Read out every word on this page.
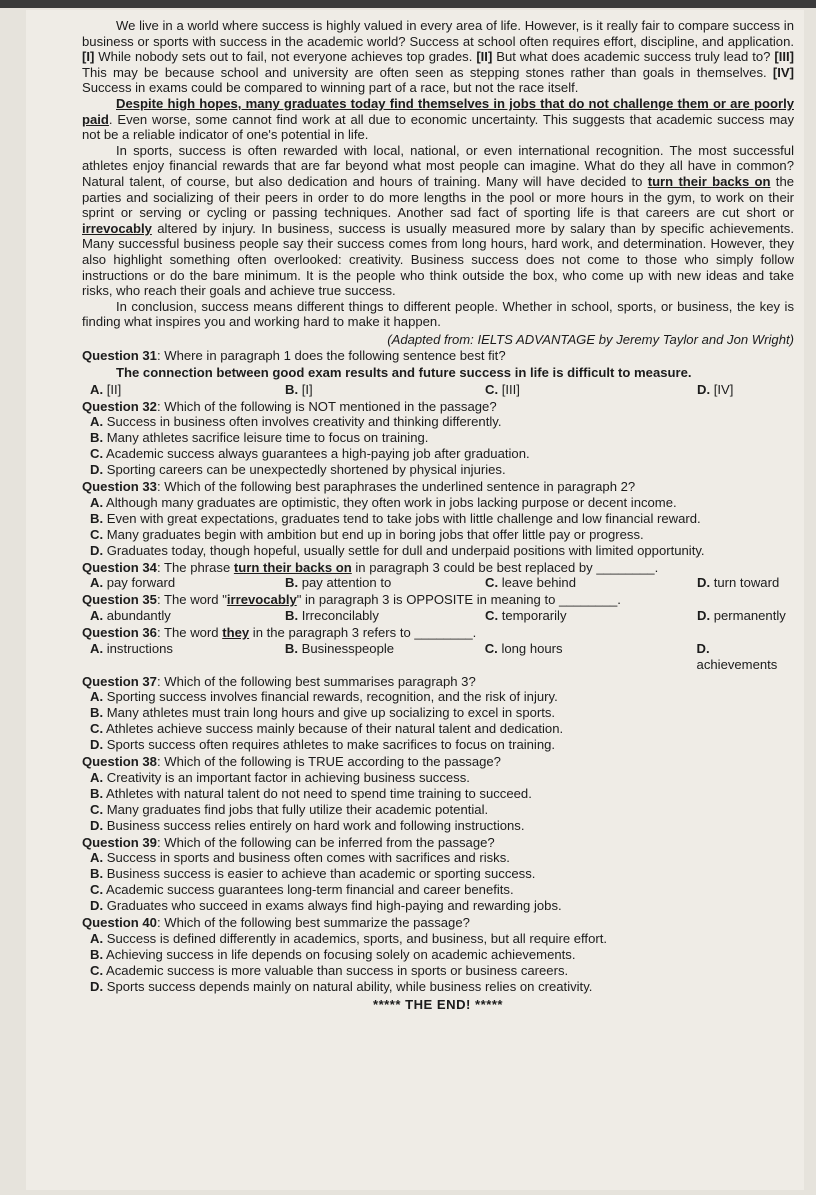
We live in a world where success is highly valued in every area of life. However, is it really fair to compare success in business or sports with success in the academic world? Success at school often requires effort, discipline, and application. [I] While nobody sets out to fail, not everyone achieves top grades. [II] But what does academic success truly lead to? [III] This may be because school and university are often seen as stepping stones rather than goals in themselves. [IV] Success in exams could be compared to winning part of a race, but not the race itself.

Despite high hopes, many graduates today find themselves in jobs that do not challenge them or are poorly paid. Even worse, some cannot find work at all due to economic uncertainty. This suggests that academic success may not be a reliable indicator of one's potential in life.

In sports, success is often rewarded with local, national, or even international recognition. The most successful athletes enjoy financial rewards that are far beyond what most people can imagine. What do they all have in common? Natural talent, of course, but also dedication and hours of training. Many will have decided to turn their backs on the parties and socializing of their peers in order to do more lengths in the pool or more hours in the gym, to work on their sprint or serving or cycling or passing techniques. Another sad fact of sporting life is that careers are cut short or irrevocably altered by injury. In business, success is usually measured more by salary than by specific achievements. Many successful business people say their success comes from long hours, hard work, and determination. However, they also highlight something often overlooked: creativity. Business success does not come to those who simply follow instructions or do the bare minimum. It is the people who think outside the box, who come up with new ideas and take risks, who reach their goals and achieve true success.

In conclusion, success means different things to different people. Whether in school, sports, or business, the key is finding what inspires you and working hard to make it happen.

(Adapted from: IELTS ADVANTAGE by Jeremy Taylor and Jon Wright)

Question 31: Where in paragraph 1 does the following sentence best fit?
The connection between good exam results and future success in life is difficult to measure.
A. [II]	B. [I]	C. [III]	D. [IV]
Question 32: Which of the following is NOT mentioned in the passage?
A. Success in business often involves creativity and thinking differently.
B. Many athletes sacrifice leisure time to focus on training.
C. Academic success always guarantees a high-paying job after graduation.
D. Sporting careers can be unexpectedly shortened by physical injuries.
Question 33: Which of the following best paraphrases the underlined sentence in paragraph 2?
A. Although many graduates are optimistic, they often work in jobs lacking purpose or decent income.
B. Even with great expectations, graduates tend to take jobs with little challenge and low financial reward.
C. Many graduates begin with ambition but end up in boring jobs that offer little pay or progress.
D. Graduates today, though hopeful, usually settle for dull and underpaid positions with limited opportunity.
Question 34: The phrase turn their backs on in paragraph 3 could be best replaced by ________.
A. pay forward	B. pay attention to	C. leave behind	D. turn toward
Question 35: The word "irrevocably" in paragraph 3 is OPPOSITE in meaning to ________.
A. abundantly	B. Irreconcilably	C. temporarily	D. permanently
Question 36: The word they in the paragraph 3 refers to ________.
A. instructions	B. Businesspeople	C. long hours	D. achievements
Question 37: Which of the following best summarises paragraph 3?
A. Sporting success involves financial rewards, recognition, and the risk of injury.
B. Many athletes must train long hours and give up socializing to excel in sports.
C. Athletes achieve success mainly because of their natural talent and dedication.
D. Sports success often requires athletes to make sacrifices to focus on training.
Question 38: Which of the following is TRUE according to the passage?
A. Creativity is an important factor in achieving business success.
B. Athletes with natural talent do not need to spend time training to succeed.
C. Many graduates find jobs that fully utilize their academic potential.
D. Business success relies entirely on hard work and following instructions.
Question 39: Which of the following can be inferred from the passage?
A. Success in sports and business often comes with sacrifices and risks.
B. Business success is easier to achieve than academic or sporting success.
C. Academic success guarantees long-term financial and career benefits.
D. Graduates who succeed in exams always find high-paying and rewarding jobs.
Question 40: Which of the following best summarize the passage?
A. Success is defined differently in academics, sports, and business, but all require effort.
B. Achieving success in life depends on focusing solely on academic achievements.
C. Academic success is more valuable than success in sports or business careers.
D. Sports success depends mainly on natural ability, while business relies on creativity.
***** THE END! *****
